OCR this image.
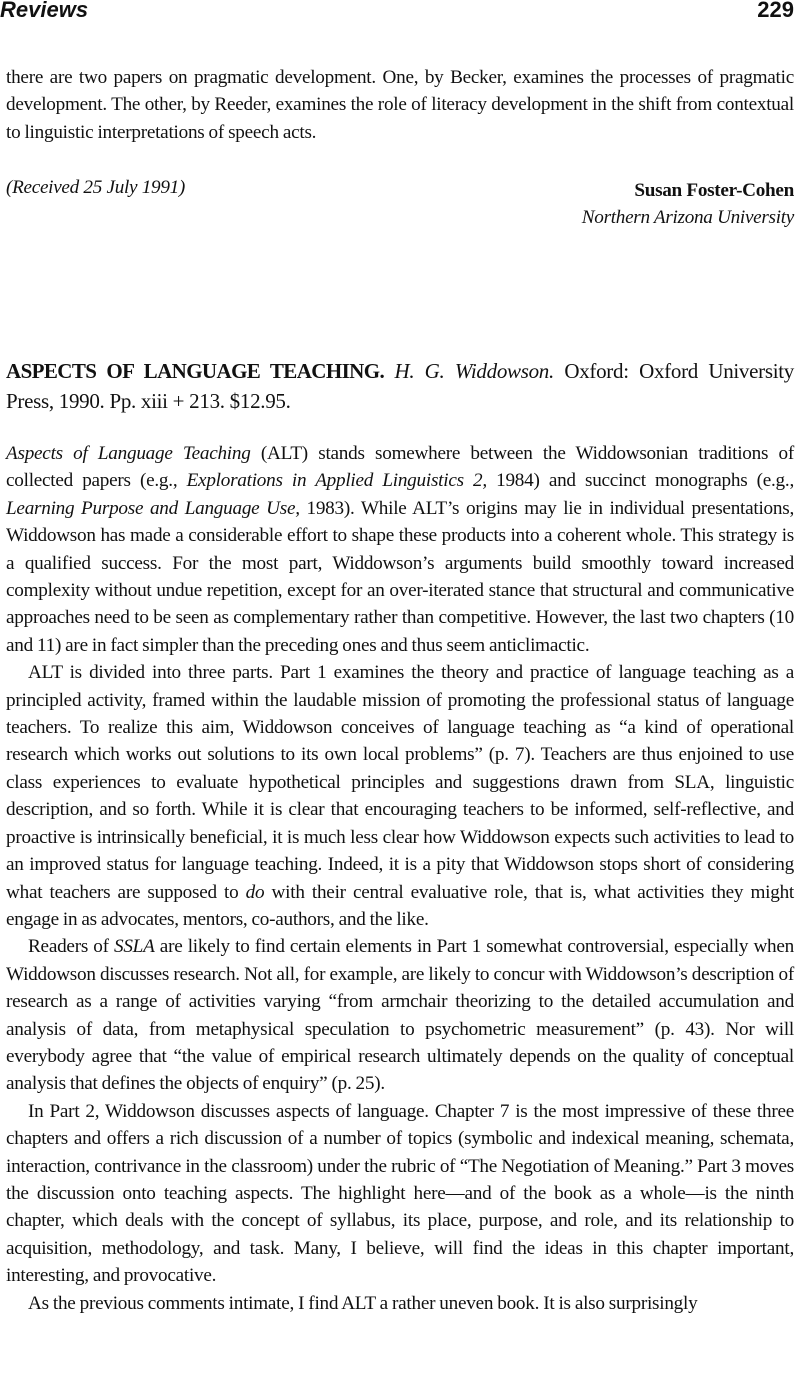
Reviews	229

there are two papers on pragmatic development. One, by Becker, examines the processes of pragmatic development. The other, by Reeder, examines the role of literacy development in the shift from contextual to linguistic interpretations of speech acts.

(Received 25 July 1991)	Susan Foster-Cohen
Northern Arizona University
ASPECTS OF LANGUAGE TEACHING. H. G. Widdowson. Oxford: Oxford University Press, 1990. Pp. xiii + 213. $12.95.

Aspects of Language Teaching (ALT) stands somewhere between the Widdowsonian traditions of collected papers (e.g., Explorations in Applied Linguistics 2, 1984) and succinct monographs (e.g., Learning Purpose and Language Use, 1983). While ALT’s origins may lie in individual presentations, Widdowson has made a considerable effort to shape these products into a coherent whole. This strategy is a qualified success. For the most part, Widdowson’s arguments build smoothly toward increased complexity without undue repetition, except for an over-iterated stance that structural and communicative approaches need to be seen as complementary rather than competitive. However, the last two chapters (10 and 11) are in fact simpler than the preceding ones and thus seem anticlimactic.

ALT is divided into three parts. Part 1 examines the theory and practice of language teaching as a principled activity, framed within the laudable mission of promoting the professional status of language teachers. To realize this aim, Widdowson conceives of language teaching as “a kind of operational research which works out solutions to its own local problems” (p. 7). Teachers are thus enjoined to use class experiences to evaluate hypothetical principles and suggestions drawn from SLA, linguistic description, and so forth. While it is clear that encouraging teachers to be informed, self-reflective, and proactive is intrinsically beneficial, it is much less clear how Widdowson expects such activities to lead to an improved status for language teaching. Indeed, it is a pity that Widdowson stops short of considering what teachers are supposed to do with their central evaluative role, that is, what activities they might engage in as advocates, mentors, co-authors, and the like.

Readers of SSLA are likely to find certain elements in Part 1 somewhat controversial, especially when Widdowson discusses research. Not all, for example, are likely to concur with Widdowson’s description of research as a range of activities varying “from armchair theorizing to the detailed accumulation and analysis of data, from metaphysical speculation to psychometric measurement” (p. 43). Nor will everybody agree that “the value of empirical research ultimately depends on the quality of conceptual analysis that defines the objects of enquiry” (p. 25).

In Part 2, Widdowson discusses aspects of language. Chapter 7 is the most impressive of these three chapters and offers a rich discussion of a number of topics (symbolic and indexical meaning, schemata, interaction, contrivance in the classroom) under the rubric of “The Negotiation of Meaning.” Part 3 moves the discussion onto teaching aspects. The highlight here—and of the book as a whole—is the ninth chapter, which deals with the concept of syllabus, its place, purpose, and role, and its relationship to acquisition, methodology, and task. Many, I believe, will find the ideas in this chapter important, interesting, and provocative.

As the previous comments intimate, I find ALT a rather uneven book. It is also surprisingly
